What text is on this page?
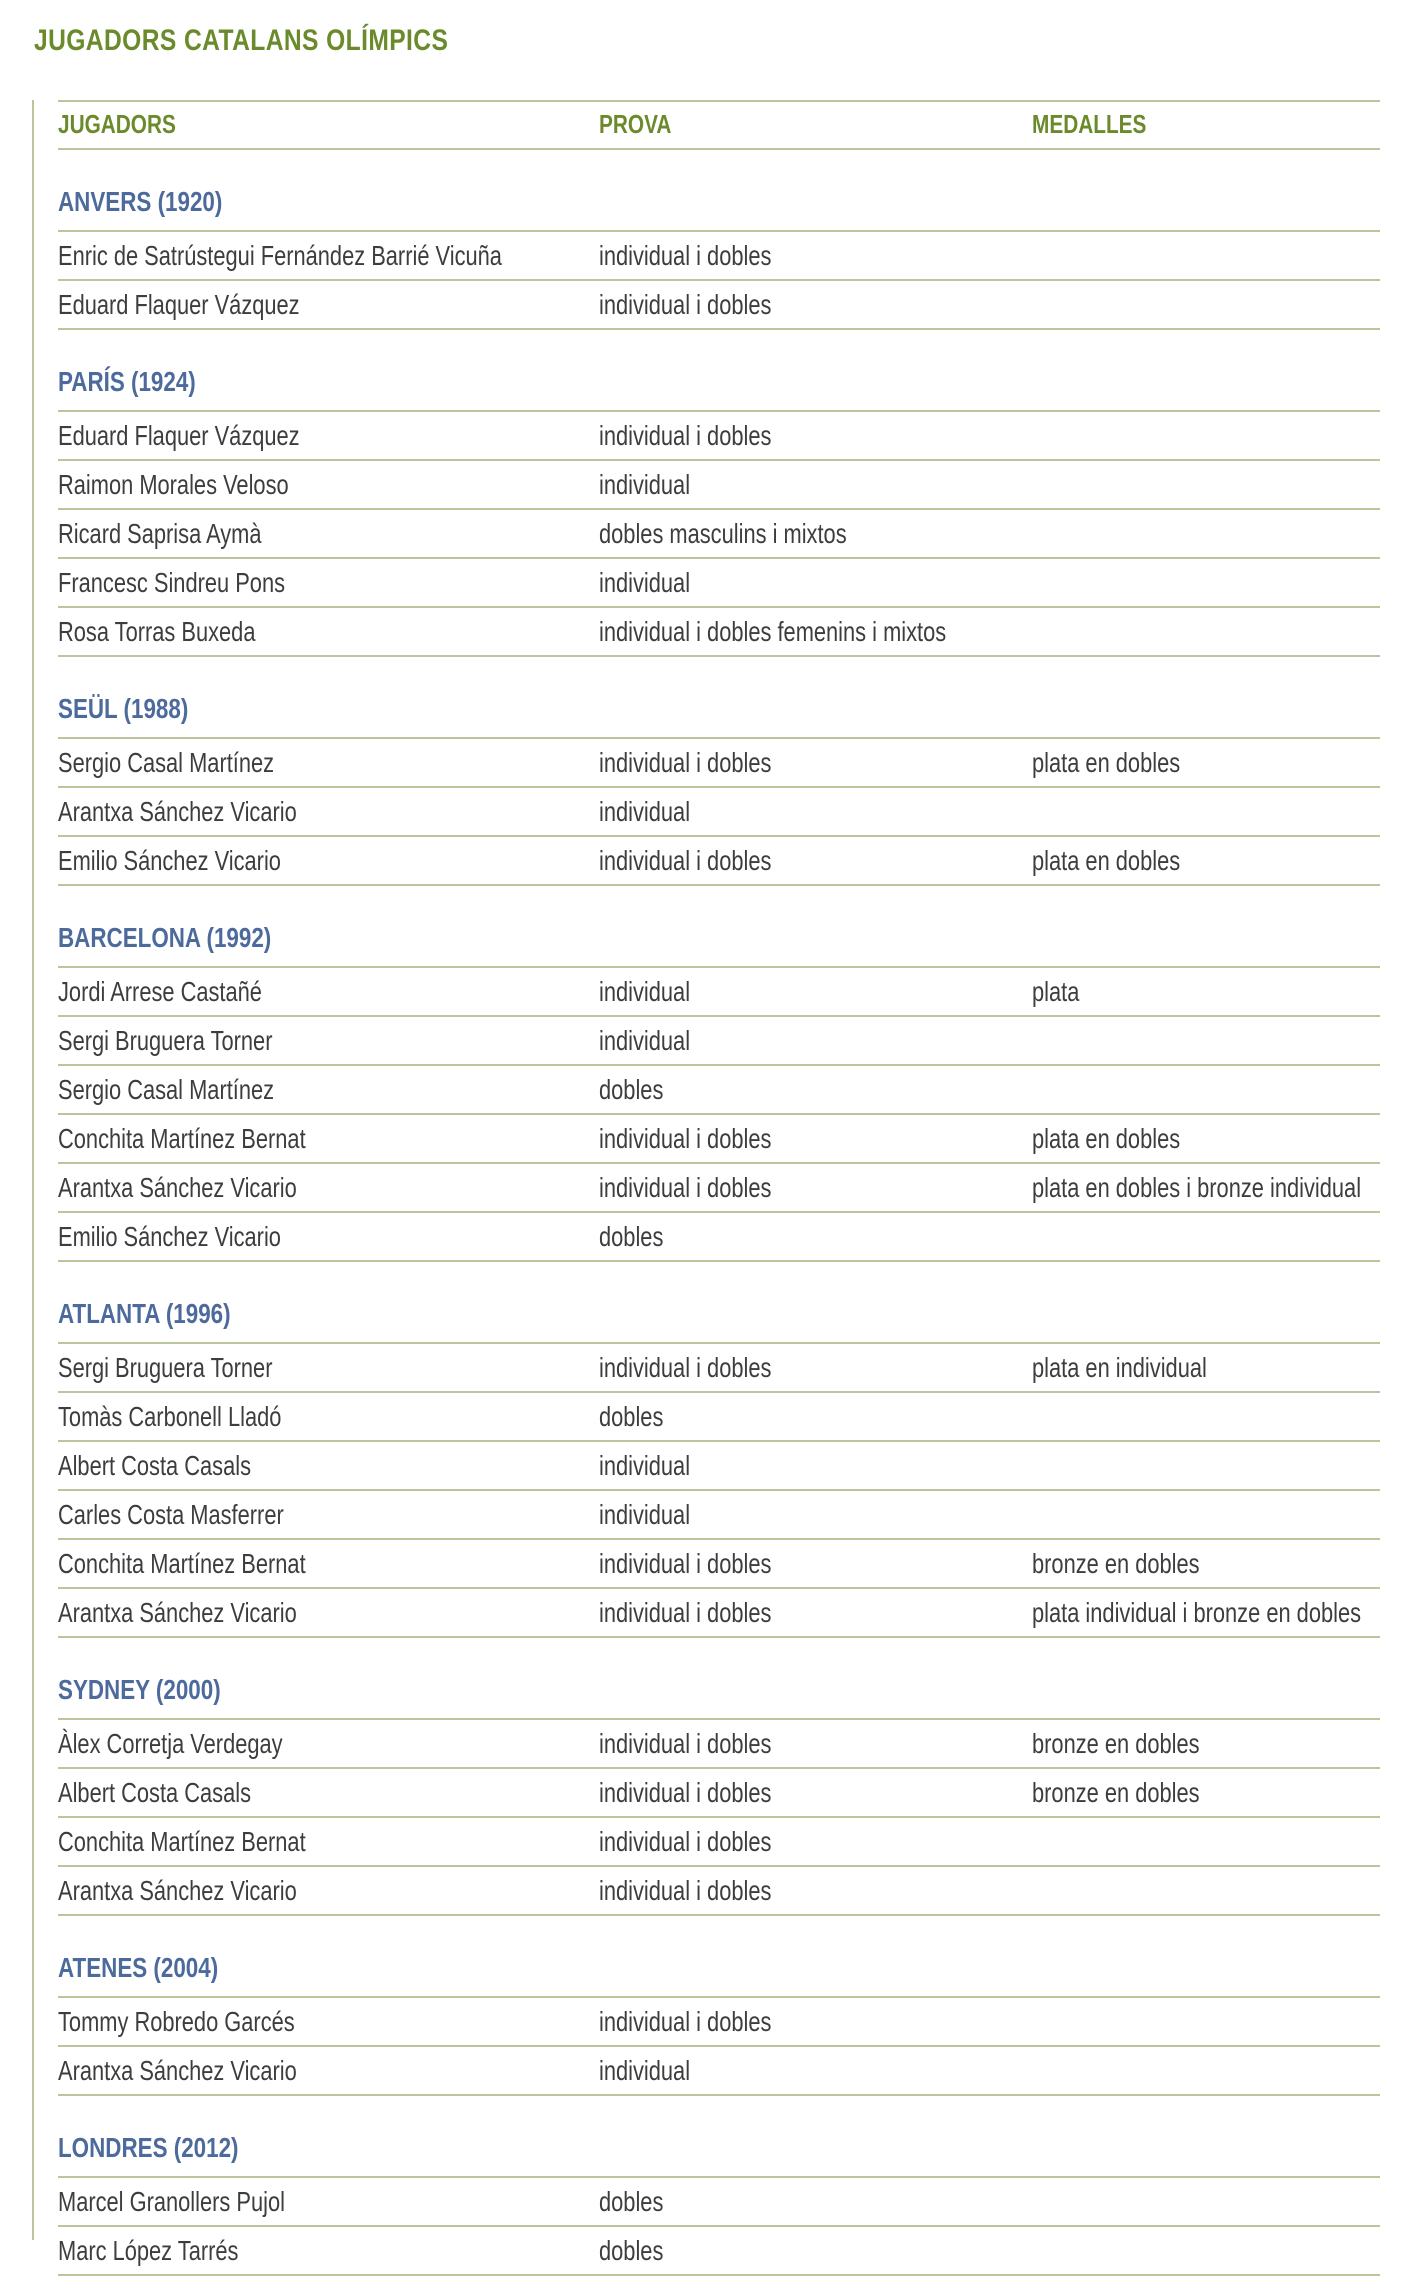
JUGADORS CATALANS OLÍMPICS
JUGADORS	PROVA	MEDALLES
ANVERS (1920)
Enric de Satrústegui Fernández Barrié Vicuña	individual i dobles
Eduard Flaquer Vázquez	individual i dobles
PARÍS (1924)
Eduard Flaquer Vázquez	individual i dobles
Raimon Morales Veloso	individual
Ricard Saprisa Aymà	dobles masculins i mixtos
Francesc Sindreu Pons	individual
Rosa Torras Buxeda	individual i dobles femenins i mixtos
SEÜL (1988)
Sergio Casal Martínez	individual i dobles	plata en dobles
Arantxa Sánchez Vicario	individual
Emilio Sánchez Vicario	individual i dobles	plata en dobles
BARCELONA (1992)
Jordi Arrese Castañé	individual	plata
Sergi Bruguera Torner	individual
Sergio Casal Martínez	dobles
Conchita Martínez Bernat	individual i dobles	plata en dobles
Arantxa Sánchez Vicario	individual i dobles	plata en dobles i bronze individual
Emilio Sánchez Vicario	dobles
ATLANTA (1996)
Sergi Bruguera Torner	individual i dobles	plata en individual
Tomàs Carbonell Lladó	dobles
Albert Costa Casals	individual
Carles Costa Masferrer	individual
Conchita Martínez Bernat	individual i dobles	bronze en dobles
Arantxa Sánchez Vicario	individual i dobles	plata individual i bronze en dobles
SYDNEY (2000)
Àlex Corretja Verdegay	individual i dobles	bronze en dobles
Albert Costa Casals	individual i dobles	bronze en dobles
Conchita Martínez Bernat	individual i dobles
Arantxa Sánchez Vicario	individual i dobles
ATENES (2004)
Tommy Robredo Garcés	individual i dobles
Arantxa Sánchez Vicario	individual
LONDRES (2012)
Marcel Granollers Pujol	dobles
Marc López Tarrés	dobles
